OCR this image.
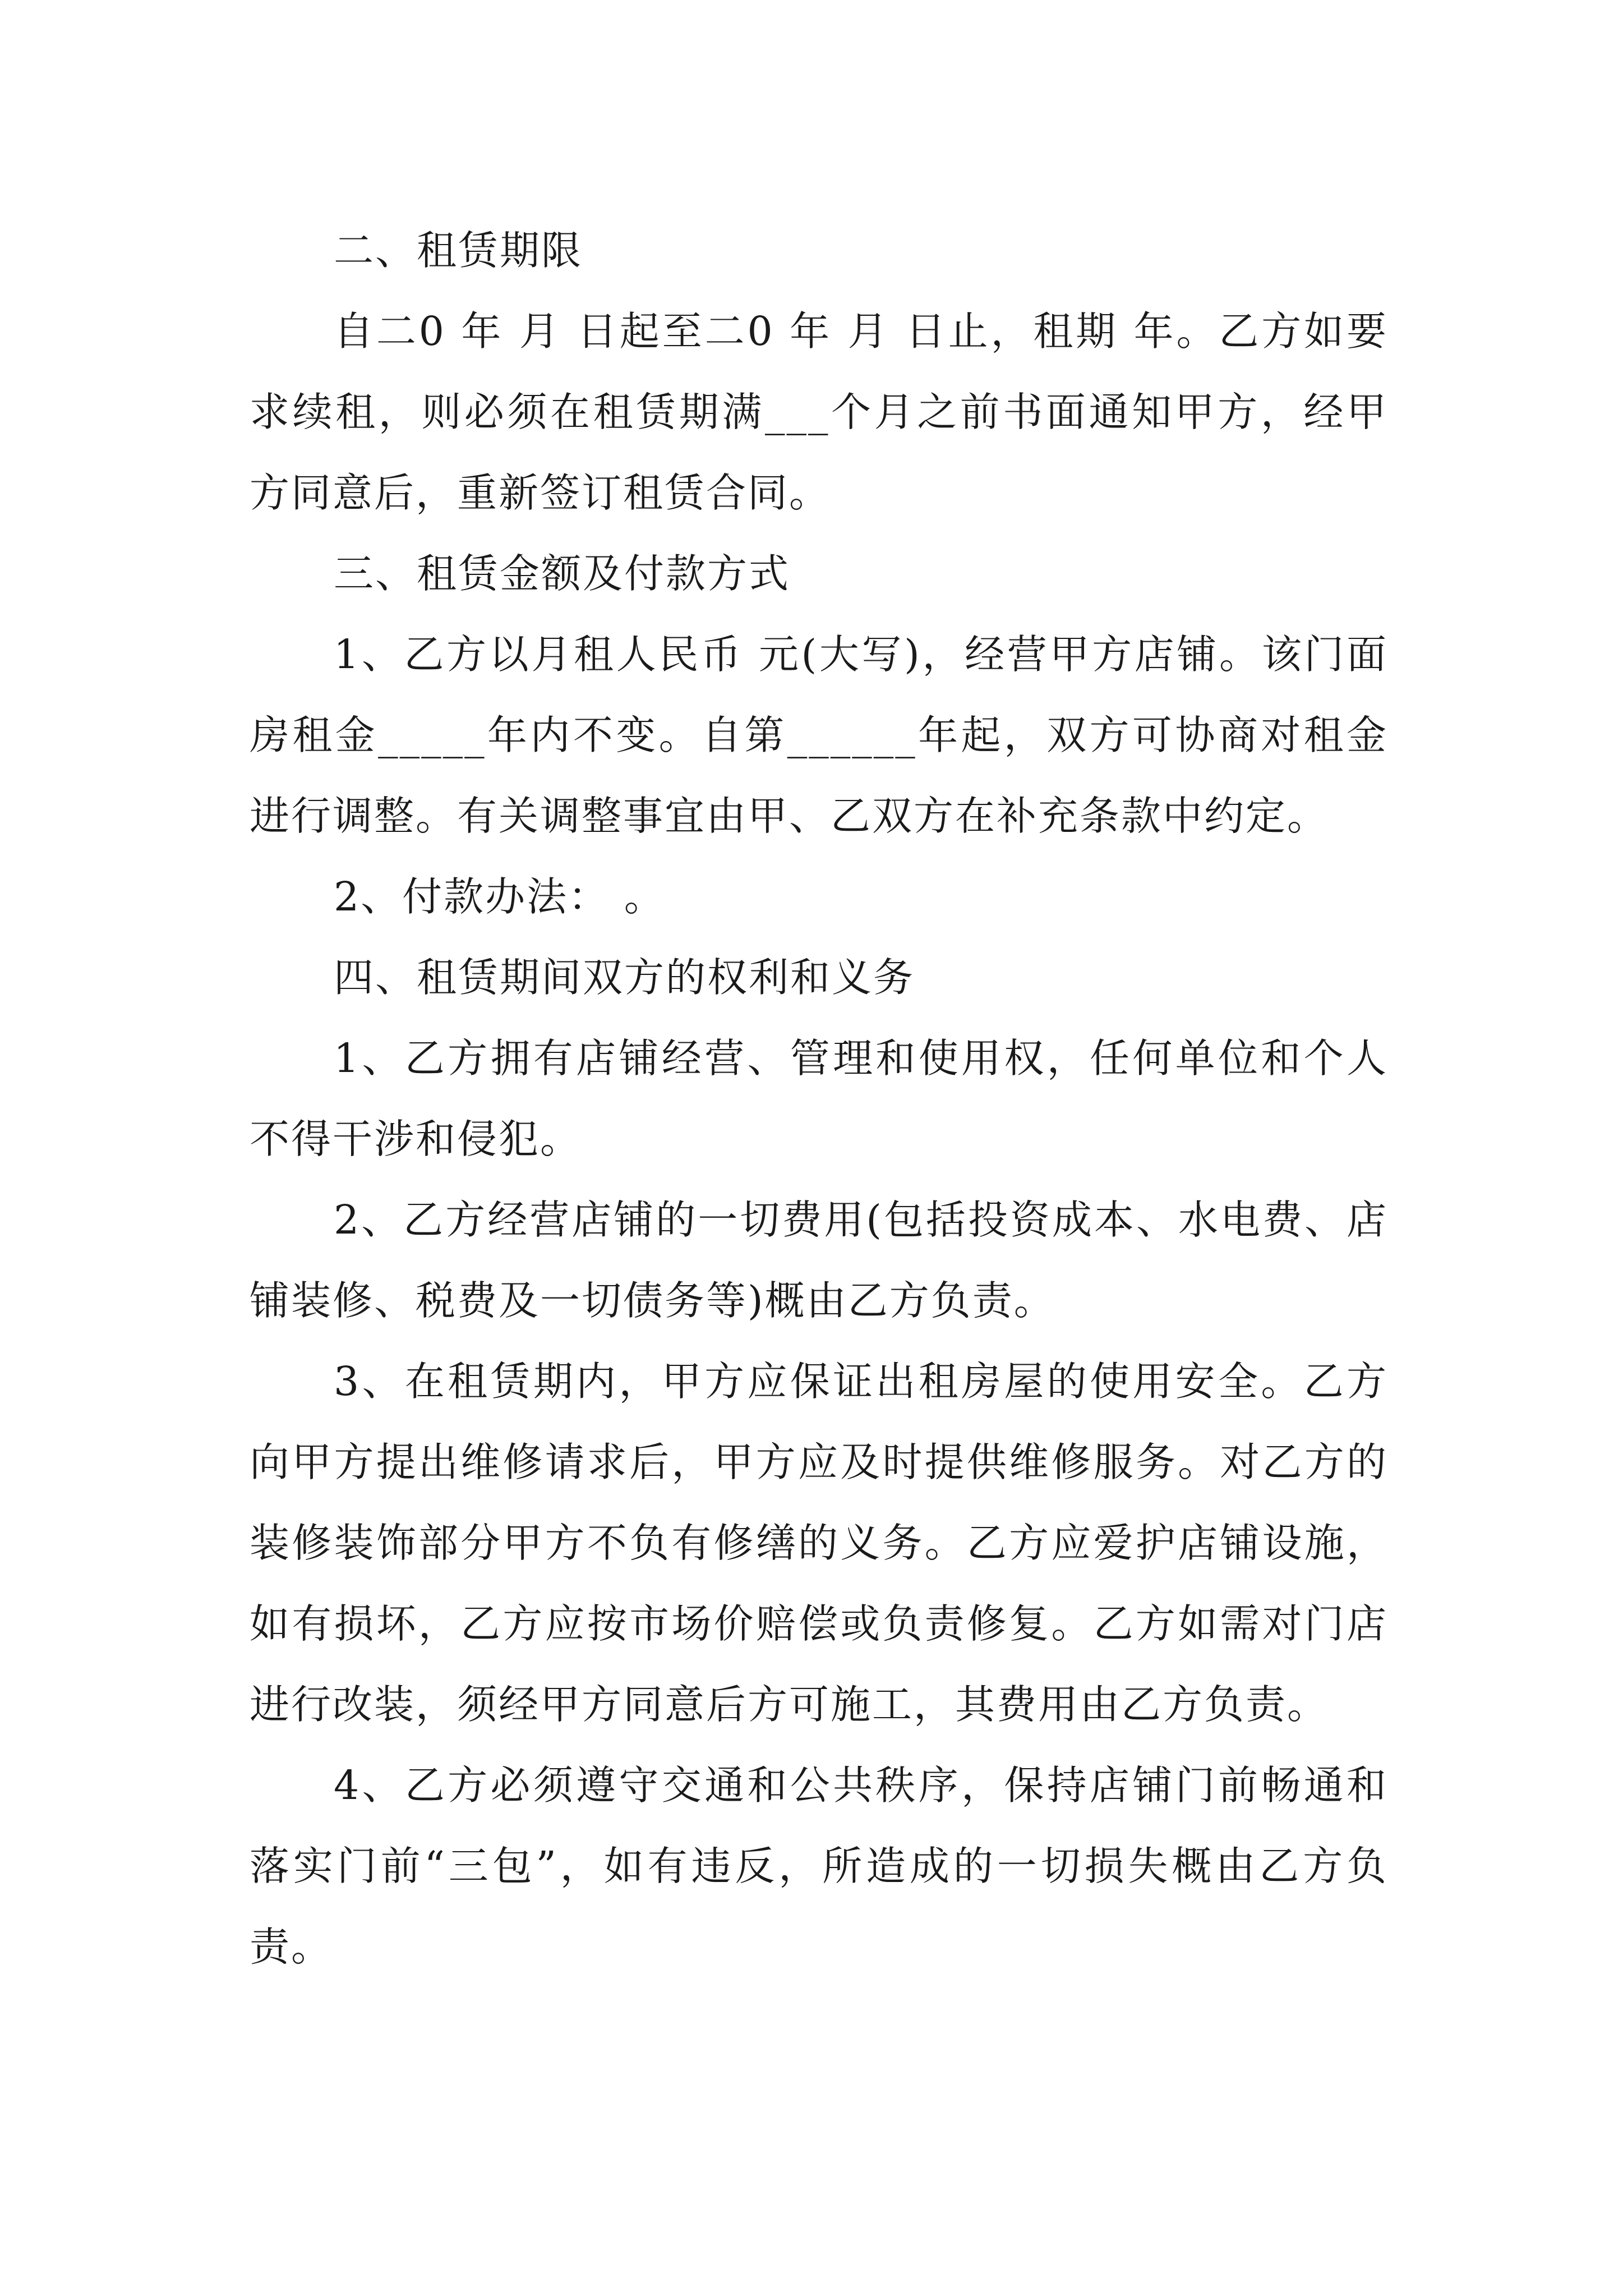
二、租赁期限

自二0 年 月 日起至二0 年 月 日止，租期 年。乙方如要求续租，则必须在租赁期满___个月之前书面通知甲方，经甲方同意后，重新签订租赁合同。

三、租赁金额及付款方式

1、乙方以月租人民币 元(大写)，经营甲方店铺。该门面房租金_____年内不变。自第______年起，双方可协商对租金进行调整。有关调整事宜由甲、乙双方在补充条款中约定。

2、付款办法： 。

四、租赁期间双方的权利和义务

1、乙方拥有店铺经营、管理和使用权，任何单位和个人不得干涉和侵犯。

2、乙方经营店铺的一切费用(包括投资成本、水电费、店铺装修、税费及一切债务等)概由乙方负责。

3、在租赁期内，甲方应保证出租房屋的使用安全。乙方向甲方提出维修请求后，甲方应及时提供维修服务。对乙方的装修装饰部分甲方不负有修缮的义务。乙方应爱护店铺设施，如有损坏，乙方应按市场价赔偿或负责修复。乙方如需对门店进行改装，须经甲方同意后方可施工，其费用由乙方负责。

4、乙方必须遵守交通和公共秩序，保持店铺门前畅通和落实门前“三包”，如有违反，所造成的一切损失概由乙方负责。
